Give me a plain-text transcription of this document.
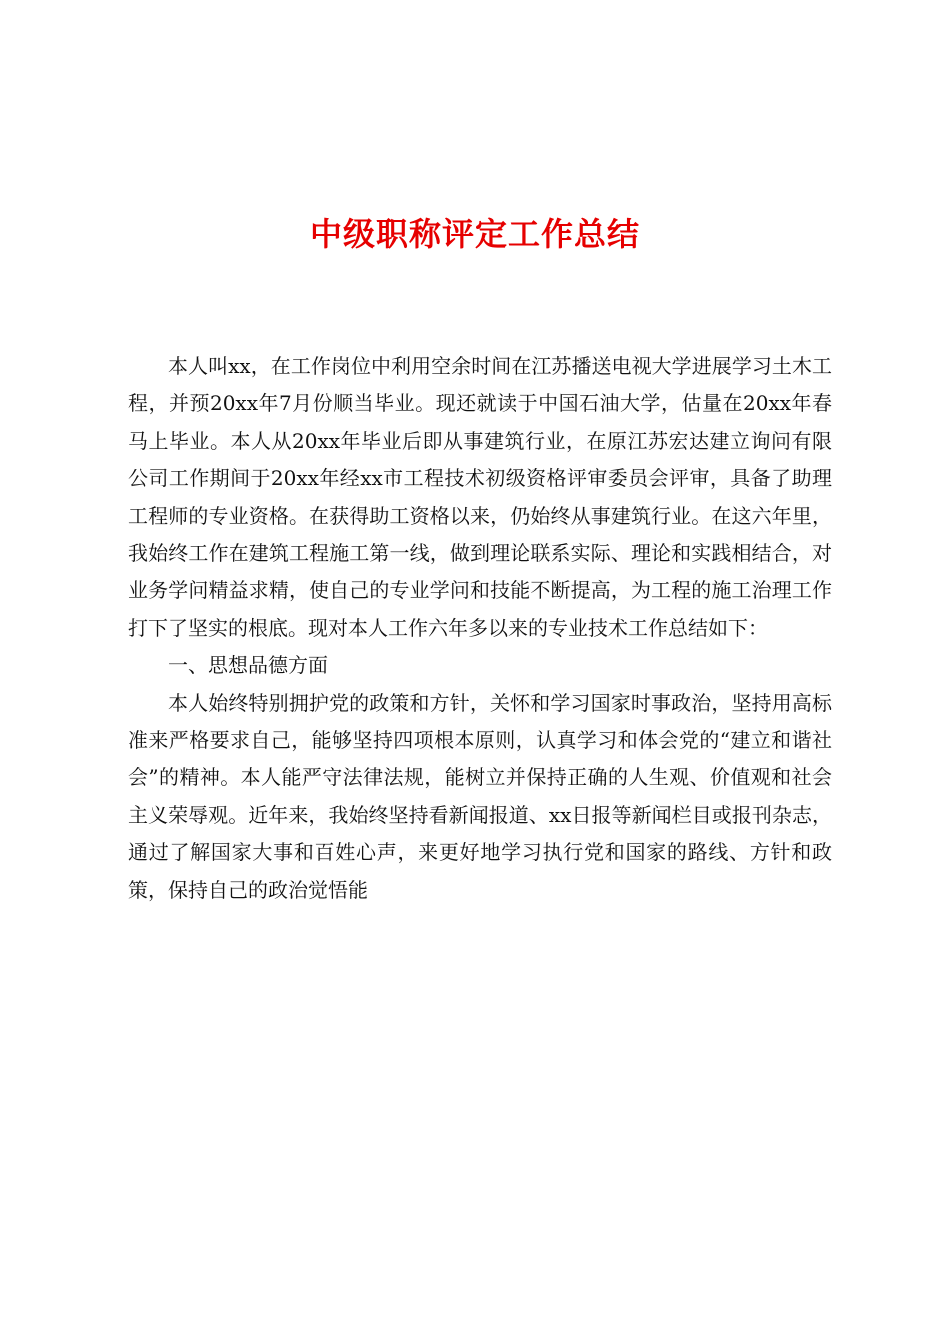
中级职称评定工作总结

本人叫xx，在工作岗位中利用空余时间在江苏播送电视大学进展学习土木工程，并预20xx年7月份顺当毕业。现还就读于中国石油大学，估量在20xx年春马上毕业。本人从20xx年毕业后即从事建筑行业，在原江苏宏达建立询问有限公司工作期间于20xx年经xx市工程技术初级资格评审委员会评审，具备了助理工程师的专业资格。在获得助工资格以来，仍始终从事建筑行业。在这六年里，我始终工作在建筑工程施工第一线，做到理论联系实际、理论和实践相结合，对业务学问精益求精，使自己的专业学问和技能不断提高，为工程的施工治理工作打下了坚实的根底。现对本人工作六年多以来的专业技术工作总结如下：

一、思想品德方面

本人始终特别拥护党的政策和方针，关怀和学习国家时事政治，坚持用高标准来严格要求自己，能够坚持四项根本原则，认真学习和体会党的“建立和谐社会”的精神。本人能严守法律法规，能树立并保持正确的人生观、价值观和社会主义荣辱观。近年来，我始终坚持看新闻报道、xx日报等新闻栏目或报刊杂志，通过了解国家大事和百姓心声，来更好地学习执行党和国家的路线、方针和政策，保持自己的政治觉悟能
